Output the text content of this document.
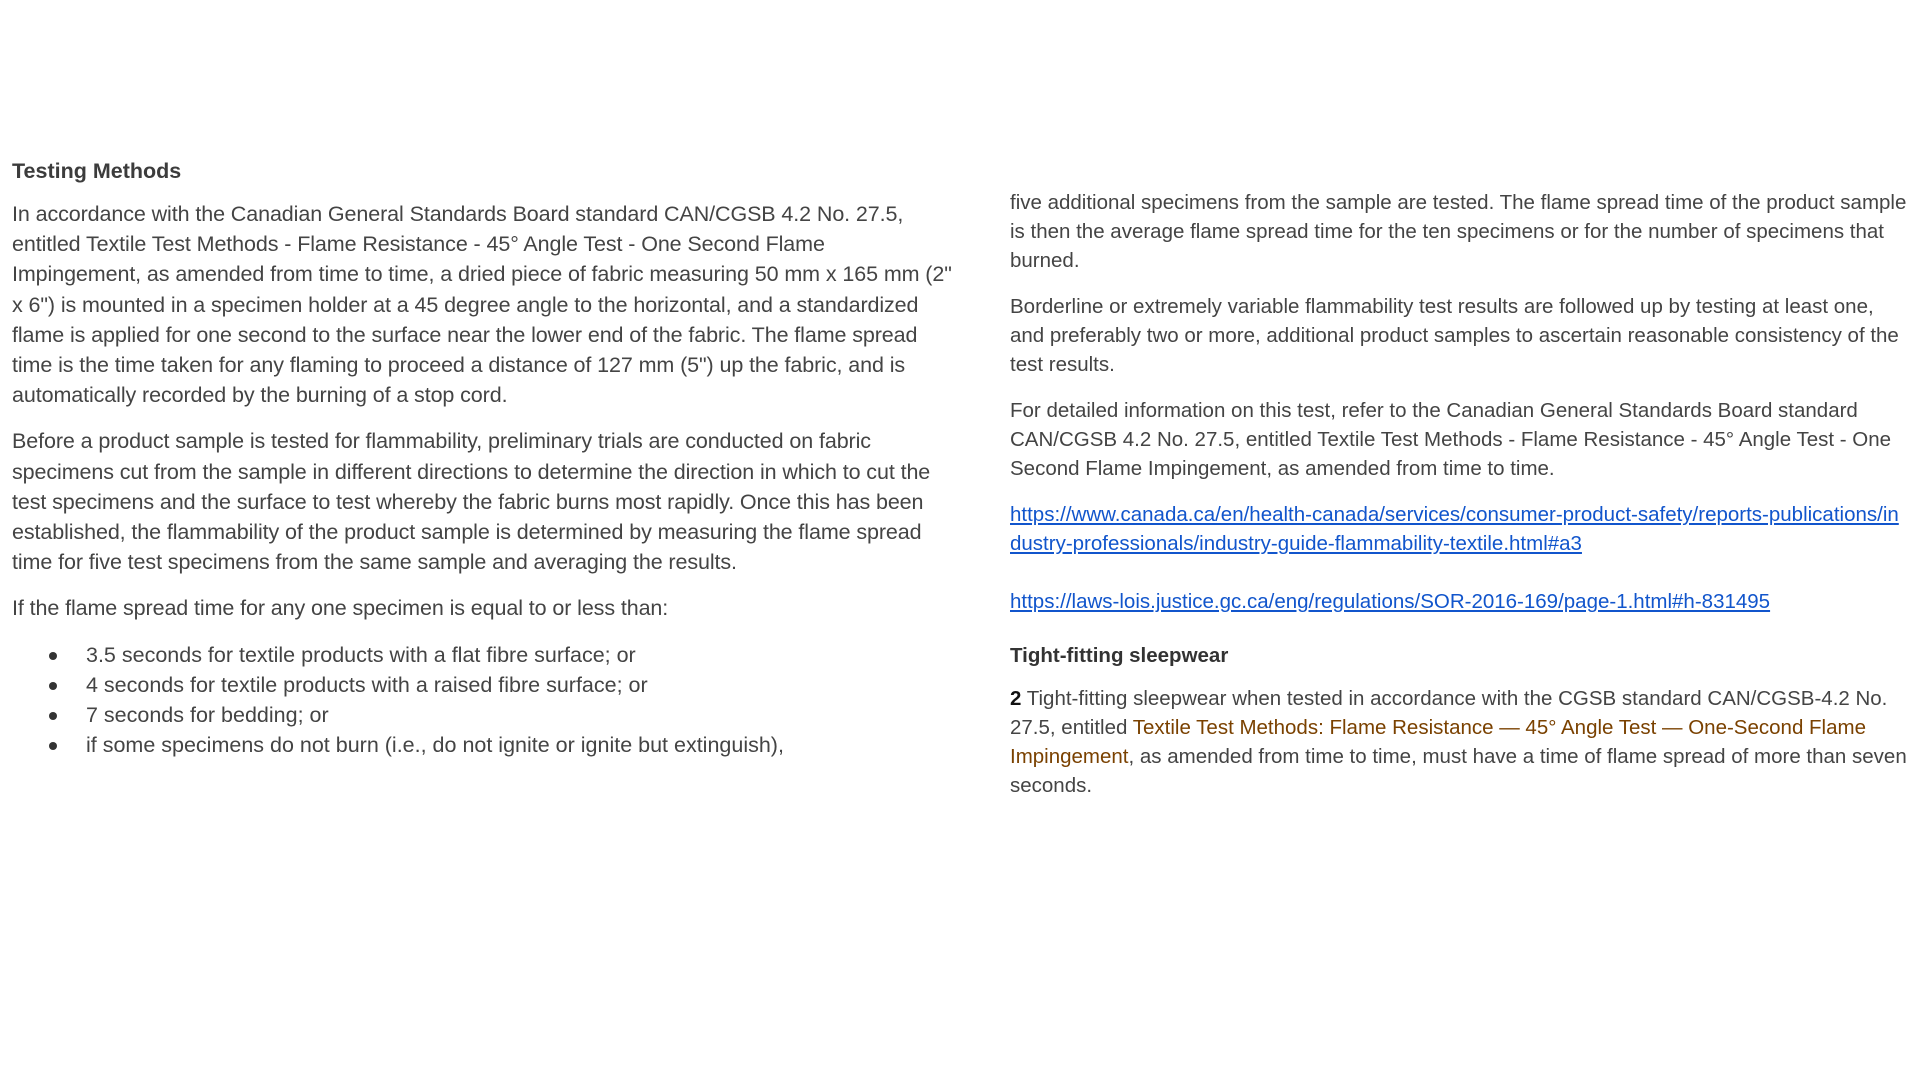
Testing Methods

In accordance with the Canadian General Standards Board standard CAN/CGSB 4.2 No. 27.5, entitled Textile Test Methods - Flame Resistance - 45° Angle Test - One Second Flame Impingement, as amended from time to time, a dried piece of fabric measuring 50 mm x 165 mm (2" x 6") is mounted in a specimen holder at a 45 degree angle to the horizontal, and a standardized flame is applied for one second to the surface near the lower end of the fabric. The flame spread time is the time taken for any flaming to proceed a distance of 127 mm (5") up the fabric, and is automatically recorded by the burning of a stop cord.

Before a product sample is tested for flammability, preliminary trials are conducted on fabric specimens cut from the sample in different directions to determine the direction in which to cut the test specimens and the surface to test whereby the fabric burns most rapidly. Once this has been established, the flammability of the product sample is determined by measuring the flame spread time for five test specimens from the same sample and averaging the results.

If the flame spread time for any one specimen is equal to or less than:

3.5 seconds for textile products with a flat fibre surface; or
4 seconds for textile products with a raised fibre surface; or
7 seconds for bedding; or
if some specimens do not burn (i.e., do not ignite or ignite but extinguish),

five additional specimens from the sample are tested. The flame spread time of the product sample is then the average flame spread time for the ten specimens or for the number of specimens that burned.

Borderline or extremely variable flammability test results are followed up by testing at least one, and preferably two or more, additional product samples to ascertain reasonable consistency of the test results.

For detailed information on this test, refer to the Canadian General Standards Board standard CAN/CGSB 4.2 No. 27.5, entitled Textile Test Methods - Flame Resistance - 45° Angle Test - One Second Flame Impingement, as amended from time to time.

https://www.canada.ca/en/health-canada/services/consumer-product-safety/reports-publications/industry-professionals/industry-guide-flammability-textile.html#a3
https://laws-lois.justice.gc.ca/eng/regulations/SOR-2016-169/page-1.html#h-831495
Tight-fitting sleepwear

2 Tight-fitting sleepwear when tested in accordance with the CGSB standard CAN/CGSB-4.2 No. 27.5, entitled Textile Test Methods: Flame Resistance — 45° Angle Test — One-Second Flame Impingement, as amended from time to time, must have a time of flame spread of more than seven seconds.
